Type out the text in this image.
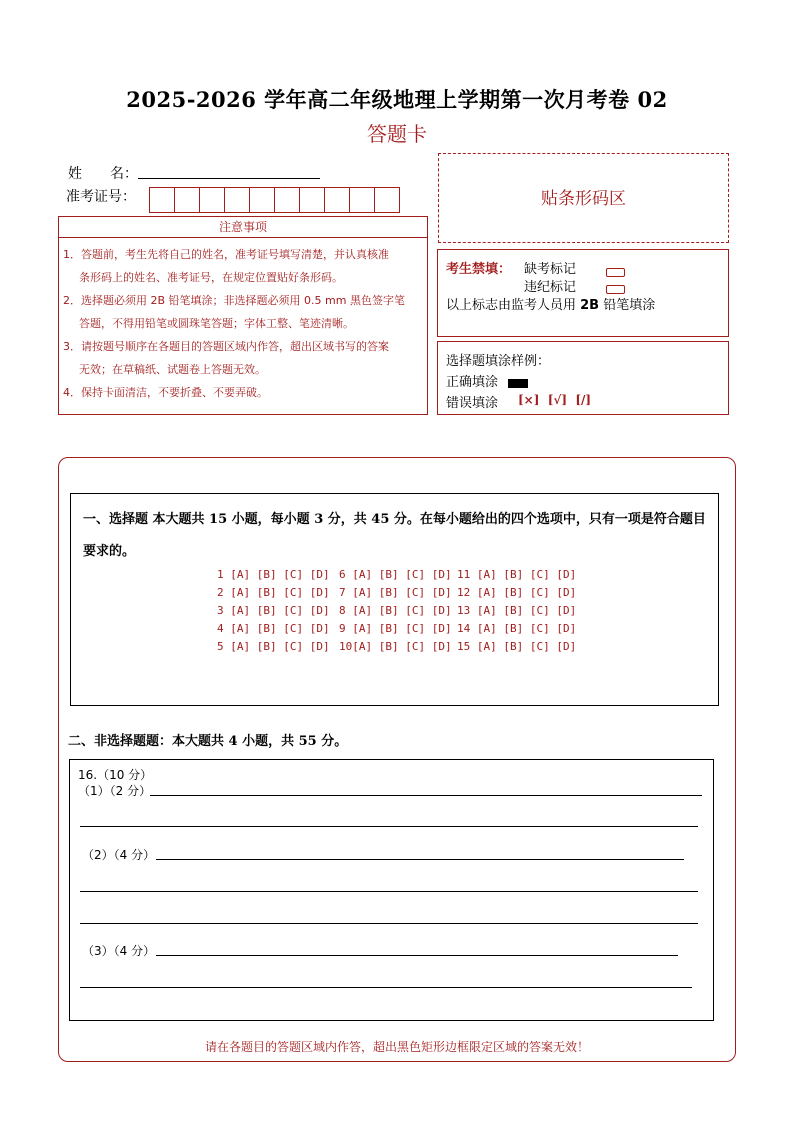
2025-2026 学年高二年级地理上学期第一次月考卷 02
答题卡
姓　　名：
准考证号：	贴条形码区
注意事项
1．答题前，考生先将自己的姓名，准考证号填写清楚，并认真核准
条形码上的姓名、准考证号，在规定位置贴好条形码。
2．选择题必须用 2B 铅笔填涂；非选择题必须用 0.5 mm 黑色签字笔
答题，不得用铅笔或圆珠笔答题；字体工整、笔迹清晰。
3．请按题号顺序在各题目的答题区域内作答，超出区域书写的答案
无效；在草稿纸、试题卷上答题无效。
4．保持卡面清洁，不要折叠、不要弄破。
考生禁填： 缺考标记
违纪标记
以上标志由监考人员用 2B 铅笔填涂
选择题填涂样例：
正确填涂
错误填涂 [×]  [√]  [/]
一、选择题 本大题共 15 小题，每小题 3 分，共 45 分。在每小题给出的四个选项中，只有一项是符合题目要求的。
1 [A] [B] [C] [D]
2 [A] [B] [C] [D]
3 [A] [B] [C] [D]
4 [A] [B] [C] [D]
5 [A] [B] [C] [D]
6 [A] [B] [C] [D]
7 [A] [B] [C] [D]
8 [A] [B] [C] [D]
9 [A] [B] [C] [D]
10[A] [B] [C] [D]
11 [A] [B] [C] [D]
12 [A] [B] [C] [D]
13 [A] [B] [C] [D]
14 [A] [B] [C] [D]
15 [A] [B] [C] [D]
二、非选择题题：本大题共 4 小题，共 55 分。
16.（10 分）
（1）（2 分）
（2）（4 分）
（3）（4 分）
请在各题目的答题区域内作答，超出黑色矩形边框限定区域的答案无效！
